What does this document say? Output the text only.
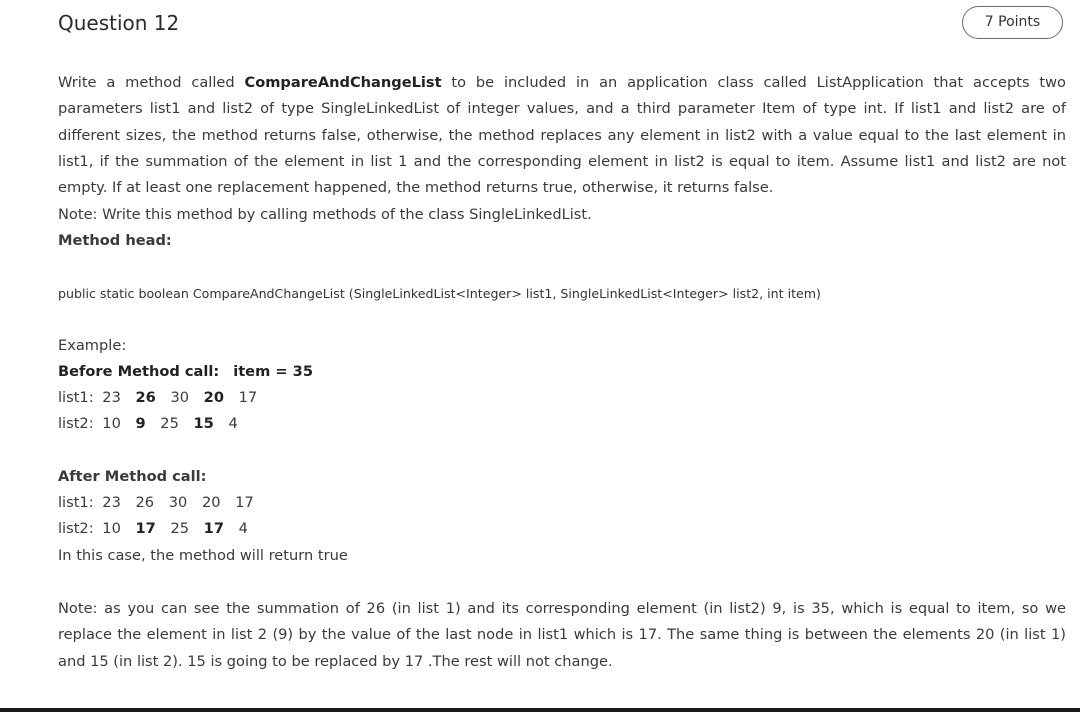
Question 12	7 Points

Write a method called CompareAndChangeList to be included in an application class called ListApplication that accepts two parameters list1 and list2 of type SingleLinkedList of integer values, and a third parameter Item of type int. If list1 and list2 are of different sizes, the method returns false, otherwise, the method replaces any element in list2 with a value equal to the last element in list1, if the summation of the element in list 1 and the corresponding element in list2 is equal to item. Assume list1 and list2 are not empty. If at least one replacement happened, the method returns true, otherwise, it returns false.

Note: Write this method by calling methods of the class SingleLinkedList.
Method head:
public static boolean CompareAndChangeList (SingleLinkedList<Integer> list1, SingleLinkedList<Integer> list2, int item)
Example:
Before Method call: item = 35
list1: 23 26 30 20 17
list2: 10 9 25 15 4
After Method call:
list1: 23 26 30 20 17
list2: 10 17 25 17 4
In this case, the method will return true

Note: as you can see the summation of 26 (in list 1) and its corresponding element (in list2) 9, is 35, which is equal to item, so we replace the element in list 2 (9) by the value of the last node in list1 which is 17. The same thing is between the elements 20 (in list 1) and 15 (in list 2). 15 is going to be replaced by 17 .The rest will not change.
